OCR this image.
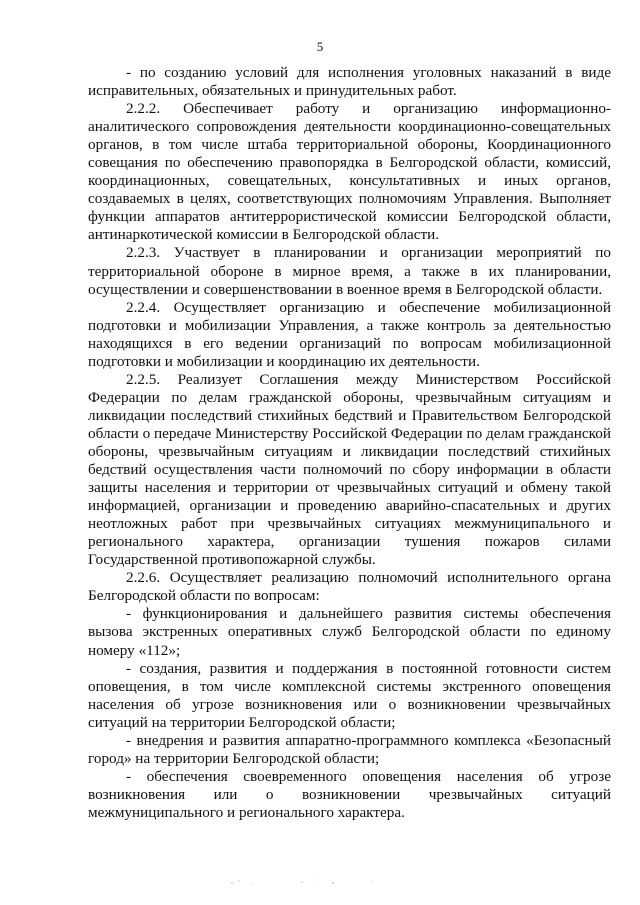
5

- по созданию условий для исполнения уголовных наказаний в виде исправительных, обязательных и принудительных работ.

2.2.2. Обеспечивает работу и организацию информационно-аналитического сопровождения деятельности координационно-совещательных органов, в том числе штаба территориальной обороны, Координационного совещания по обеспечению правопорядка в Белгородской области, комиссий, координационных, совещательных, консультативных и иных органов, создаваемых в целях, соответствующих полномочиям Управления. Выполняет функции аппаратов антитеррористической комиссии Белгородской области, антинаркотической комиссии в Белгородской области.

2.2.3. Участвует в планировании и организации мероприятий по территориальной обороне в мирное время, а также в их планировании, осуществлении и совершенствовании в военное время в Белгородской области.

2.2.4. Осуществляет организацию и обеспечение мобилизационной подготовки и мобилизации Управления, а также контроль за деятельностью находящихся в его ведении организаций по вопросам мобилизационной подготовки и мобилизации и координацию их деятельности.

2.2.5. Реализует Соглашения между Министерством Российской Федерации по делам гражданской обороны, чрезвычайным ситуациям и ликвидации последствий стихийных бедствий и Правительством Белгородской области о передаче Министерству Российской Федерации по делам гражданской обороны, чрезвычайным ситуациям и ликвидации последствий стихийных бедствий осуществления части полномочий по сбору информации в области защиты населения и территории от чрезвычайных ситуаций и обмену такой информацией, организации и проведению аварийно-спасательных и других неотложных работ при чрезвычайных ситуациях межмуниципального и регионального характера, организации тушения пожаров силами Государственной противопожарной службы.

2.2.6. Осуществляет реализацию полномочий исполнительного органа Белгородской области по вопросам:

- функционирования и дальнейшего развития системы обеспечения вызова экстренных оперативных служб Белгородской области по единому номеру «112»;

- создания, развития и поддержания в постоянной готовности систем оповещения, в том числе комплексной системы экстренного оповещения населения об угрозе возникновения или о возникновении чрезвычайных ситуаций на территории Белгородской области;

- внедрения и развития аппаратно-программного комплекса «Безопасный город» на территории Белгородской области;

- обеспечения своевременного оповещения населения об угрозе возникновения или о возникновении чрезвычайных ситуаций межмуниципального и регионального характера.
